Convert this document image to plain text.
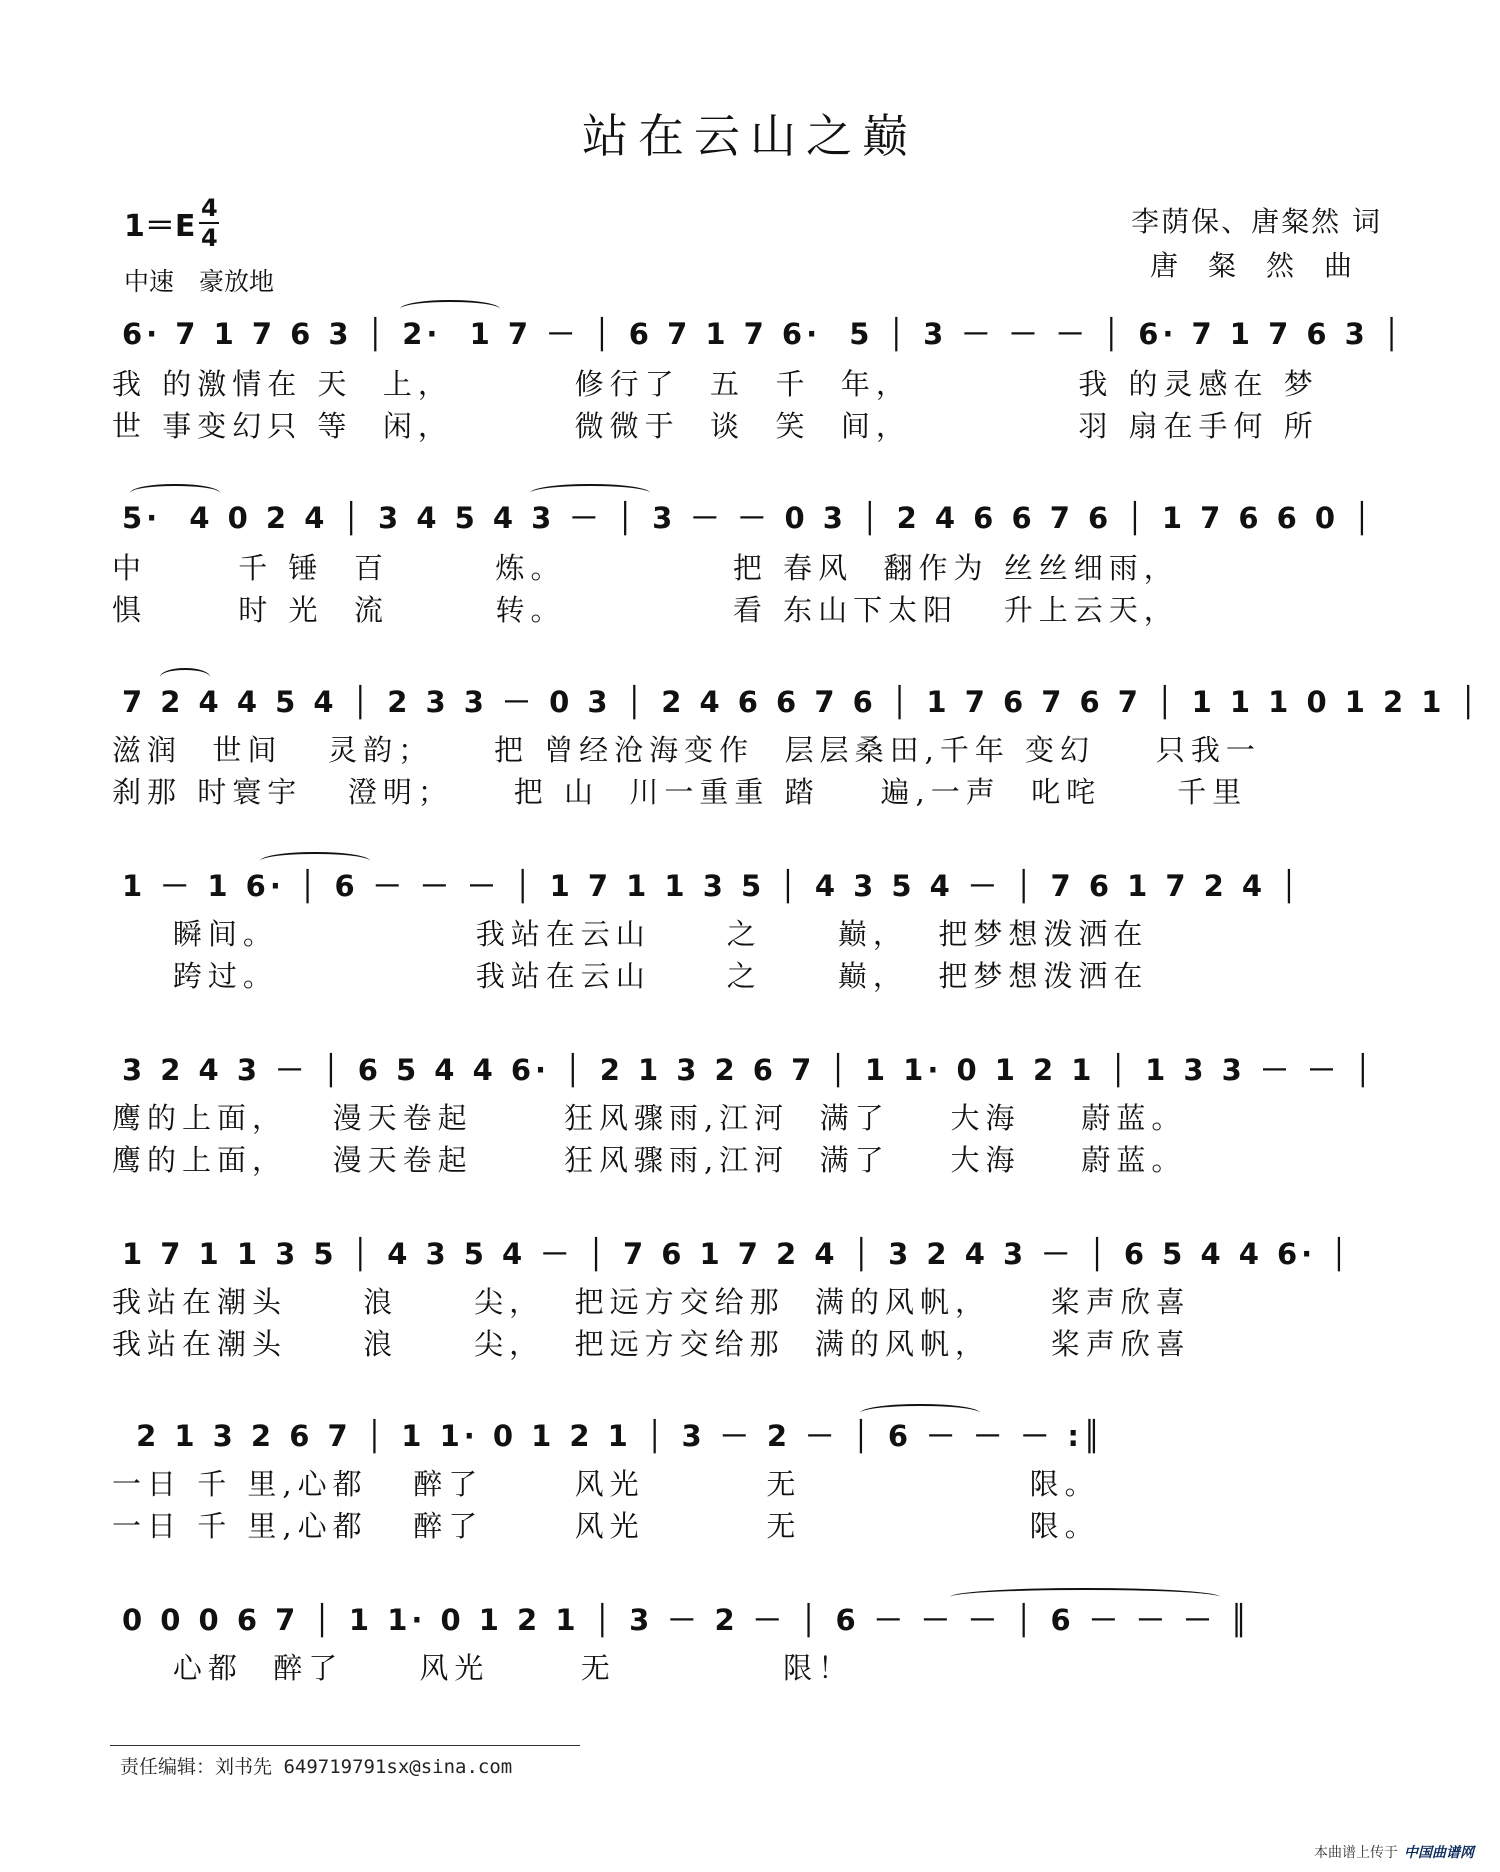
站在云山之巅
1＝E
4
4
中速　豪放地
李荫保、唐粲然 词
唐粲然曲
6· 7 1 7 6 3 │ 2·  1 7 － │ 6 7 1 7 6·  5 │ 3 － － － │ 6· 7 1 7 6 3 │
我 的激情在 天  上，        修行了  五  千  年，           我 的灵感在 梦
世 事变幻只 等  闲，        微微于  谈  笑  间，           羽 扇在手何 所
5·  4 0 2 4 │ 3 4 5 4 3 － │ 3 － － 0 3 │ 2 4 6 6 7 6 │ 1 7 6 6 0 │
中      千 锤  百       炼。           把 春风  翻作为 丝丝细雨，
惧      时 光  流       转。           看 东山下太阳   升上云天，
7 2 4 4 5 4 │ 2 3 3 － 0 3 │ 2 4 6 6 7 6 │ 1 7 6 7 6 7 │ 1 1 1 0 1 2 1 │
滋润  世间   灵韵；    把 曾经沧海变作  层层桑田,千年 变幻    只我一
刹那 时寰宇   澄明；    把 山  川一重重 踏    遍,一声  叱咤     千里
1 － 1 6· │ 6 － － － │ 1 7 1 1 3 5 │ 4 3 5 4 － │ 7 6 1 7 2 4 │
瞬间。             我站在云山     之     巅，  把梦想泼洒在
跨过。             我站在云山     之     巅，  把梦想泼洒在
3 2 4 3 － │ 6 5 4 4 6· │ 2 1 3 2 6 7 │ 1 1· 0 1 2 1 │ 1 3 3 － － │
鹰的上面，   漫天卷起      狂风骤雨,江河  满了    大海    蔚蓝。
鹰的上面，   漫天卷起      狂风骤雨,江河  满了    大海    蔚蓝。
1 7 1 1 3 5 │ 4 3 5 4 － │ 7 6 1 7 2 4 │ 3 2 4 3 － │ 6 5 4 4 6· │
我站在潮头     浪     尖，  把远方交给那  满的风帆，    桨声欣喜
我站在潮头     浪     尖，  把远方交给那  满的风帆，    桨声欣喜
2 1 3 2 6 7 │ 1 1· 0 1 2 1 │ 3 － 2 － │ 6 － － － :║
一日 千 里,心都   醉了      风光        无               限。
一日 千 里,心都   醉了      风光        无               限。
0 0 0 6 7 │ 1 1· 0 1 2 1 │ 3 － 2 － │ 6 － － － │ 6 － － － ║
心都  醉了     风光      无           限！
责任编辑：刘书先 649719791sx@sina.com
本曲谱上传于 中国曲谱网
